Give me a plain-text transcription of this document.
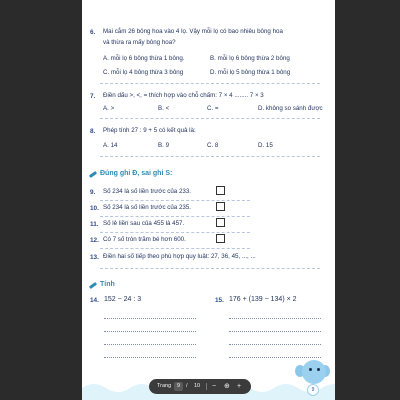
6. Mai cắm 26 bông hoa vào 4 lọ. Vậy mỗi lọ có bao nhiêu bông hoa
và thừa ra mấy bông hoa?
A. mỗi lọ 6 bông thừa 1 bông.	B. mỗi lọ 6 bông thừa 2 bông
C. mỗi lọ 4 bông thừa 3 bông	D. mỗi lọ 5 bông thừa 1 bông
7. Điền dấu >, <, = thích hợp vào chỗ chấm: 7 × 4 ........ 7 × 3
A. >	B. <	C. =	D. không so sánh được
8. Phép tính 27 : 9 + 5 có kết quả là:
A. 14	B. 9	C. 8	D. 15
Đúng ghi Đ, sai ghi S:
9. Số 234 là số liền trước của 233.
10. Số 234 là số liền trước của 235.
11. Số lẻ liền sau của 455 là 457.
12. Có 7 số tròn trăm bé hơn 600.
13. Điền hai số tiếp theo phù hợp quy luật: 27, 36, 45, ..., ...
Tính
14. 152 − 24 : 3	15. 176 + (139 − 134) × 2
9
Trang	9	/ 10 − ⊕ +
